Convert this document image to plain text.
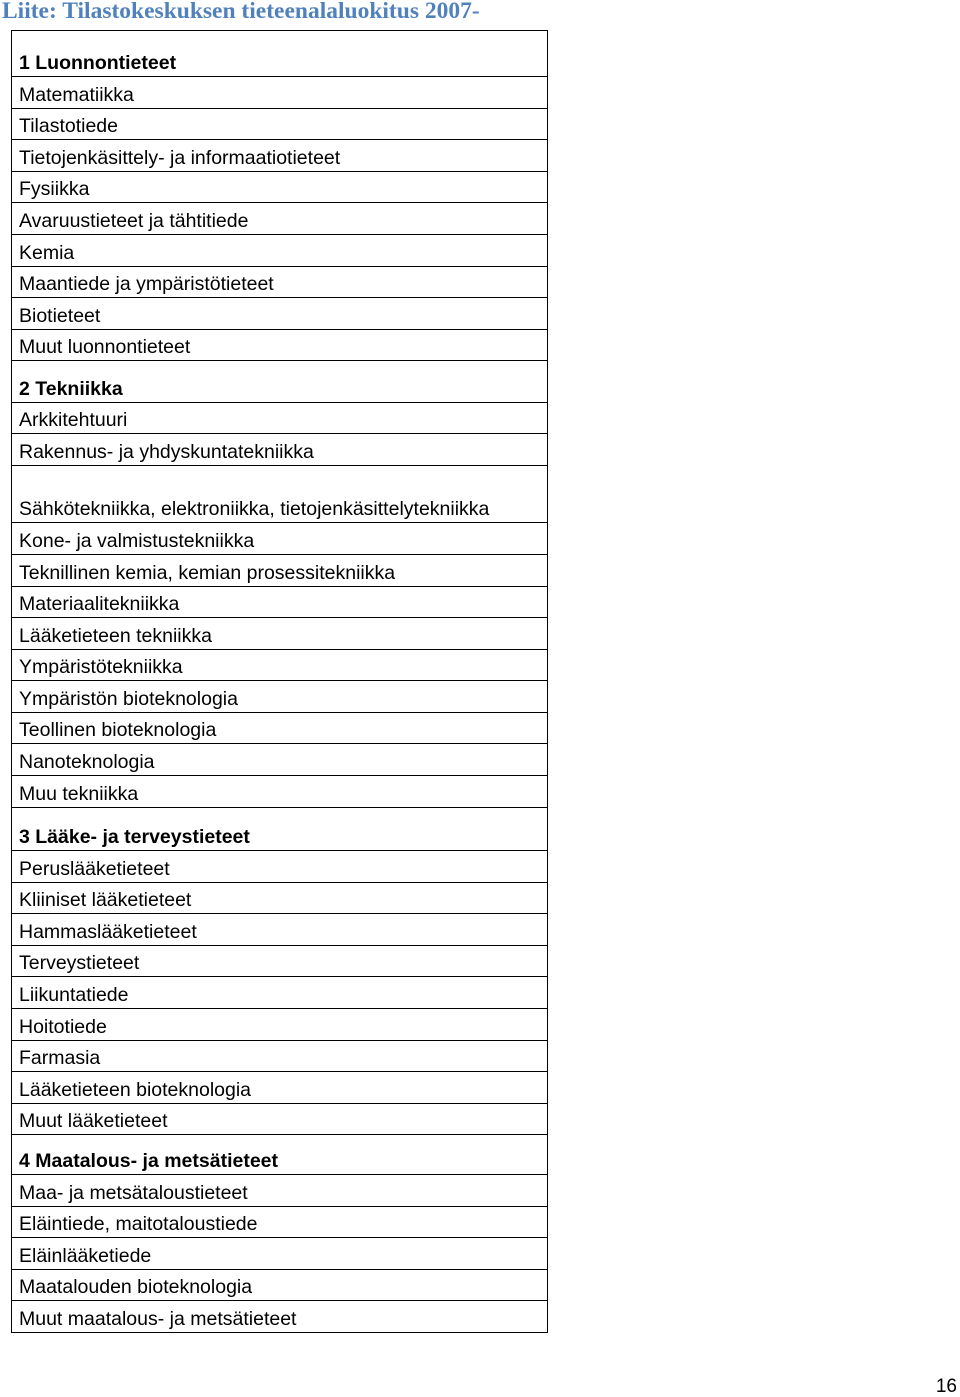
Liite: Tilastokeskuksen tieteenalaluokitus 2007-
1 Luonnontieteet
Matematiikka
Tilastotiede
Tietojenkäsittely- ja informaatiotieteet
Fysiikka
Avaruustieteet ja tähtitiede
Kemia
Maantiede ja ympäristötieteet
Biotieteet
Muut luonnontieteet
2 Tekniikka
Arkkitehtuuri
Rakennus- ja yhdyskuntatekniikka
Sähkötekniikka, elektroniikka, tietojenkäsittelytekniikka
Kone- ja valmistustekniikka
Teknillinen kemia, kemian prosessitekniikka
Materiaalitekniikka
Lääketieteen tekniikka
Ympäristötekniikka
Ympäristön bioteknologia
Teollinen bioteknologia
Nanoteknologia
Muu tekniikka
3 Lääke- ja terveystieteet
Peruslääketieteet
Kliiniset lääketieteet
Hammaslääketieteet
Terveystieteet
Liikuntatiede
Hoitotiede
Farmasia
Lääketieteen bioteknologia
Muut lääketieteet
4 Maatalous- ja metsätieteet
Maa- ja metsätaloustieteet
Eläintiede, maitotaloustiede
Eläinlääketiede
Maatalouden bioteknologia
Muut maatalous- ja metsätieteet
16
